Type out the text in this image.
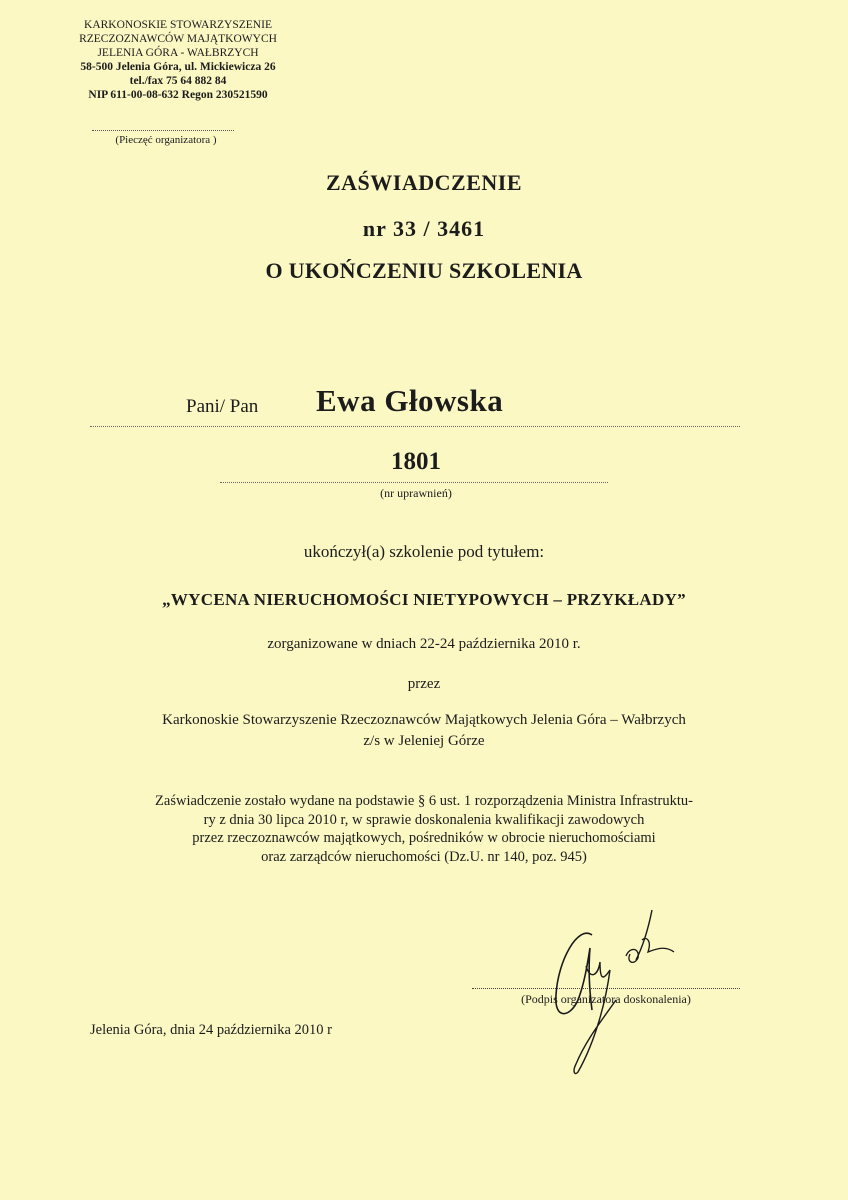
KARKONOSKIE STOWARZYSZENIE
RZECZOZNAWCÓW MAJĄTKOWYCH
JELENIA GÓRA - WAŁBRZYCH
58-500 Jelenia Góra, ul. Mickiewicza 26
tel./fax 75 64 882 84
NIP 611-00-08-632 Regon 230521590
(Pieczęć organizatora )
ZAŚWIADCZENIE
nr 33 / 3461
O UKOŃCZENIU SZKOLENIA
Pani/ Pan Ewa Głowska
1801
(nr uprawnień)
ukończył(a) szkolenie pod tytułem:
„WYCENA NIERUCHOMOŚCI NIETYPOWYCH – PRZYKŁADY”
zorganizowane w dniach 22-24 października 2010 r.
przez
Karkonoskie Stowarzyszenie Rzeczoznawców Majątkowych Jelenia Góra – Wałbrzych
z/s w Jeleniej Górze
Zaświadczenie zostało wydane na podstawie § 6 ust. 1 rozporządzenia Ministra Infrastruktu-
ry z dnia 30 lipca 2010 r, w sprawie doskonalenia kwalifikacji zawodowych
przez rzeczoznawców majątkowych, pośredników w obrocie nieruchomościami
oraz zarządców nieruchomości (Dz.U. nr 140, poz. 945)
(Podpis organizatora doskonalenia)
Jelenia Góra, dnia 24 października 2010 r
